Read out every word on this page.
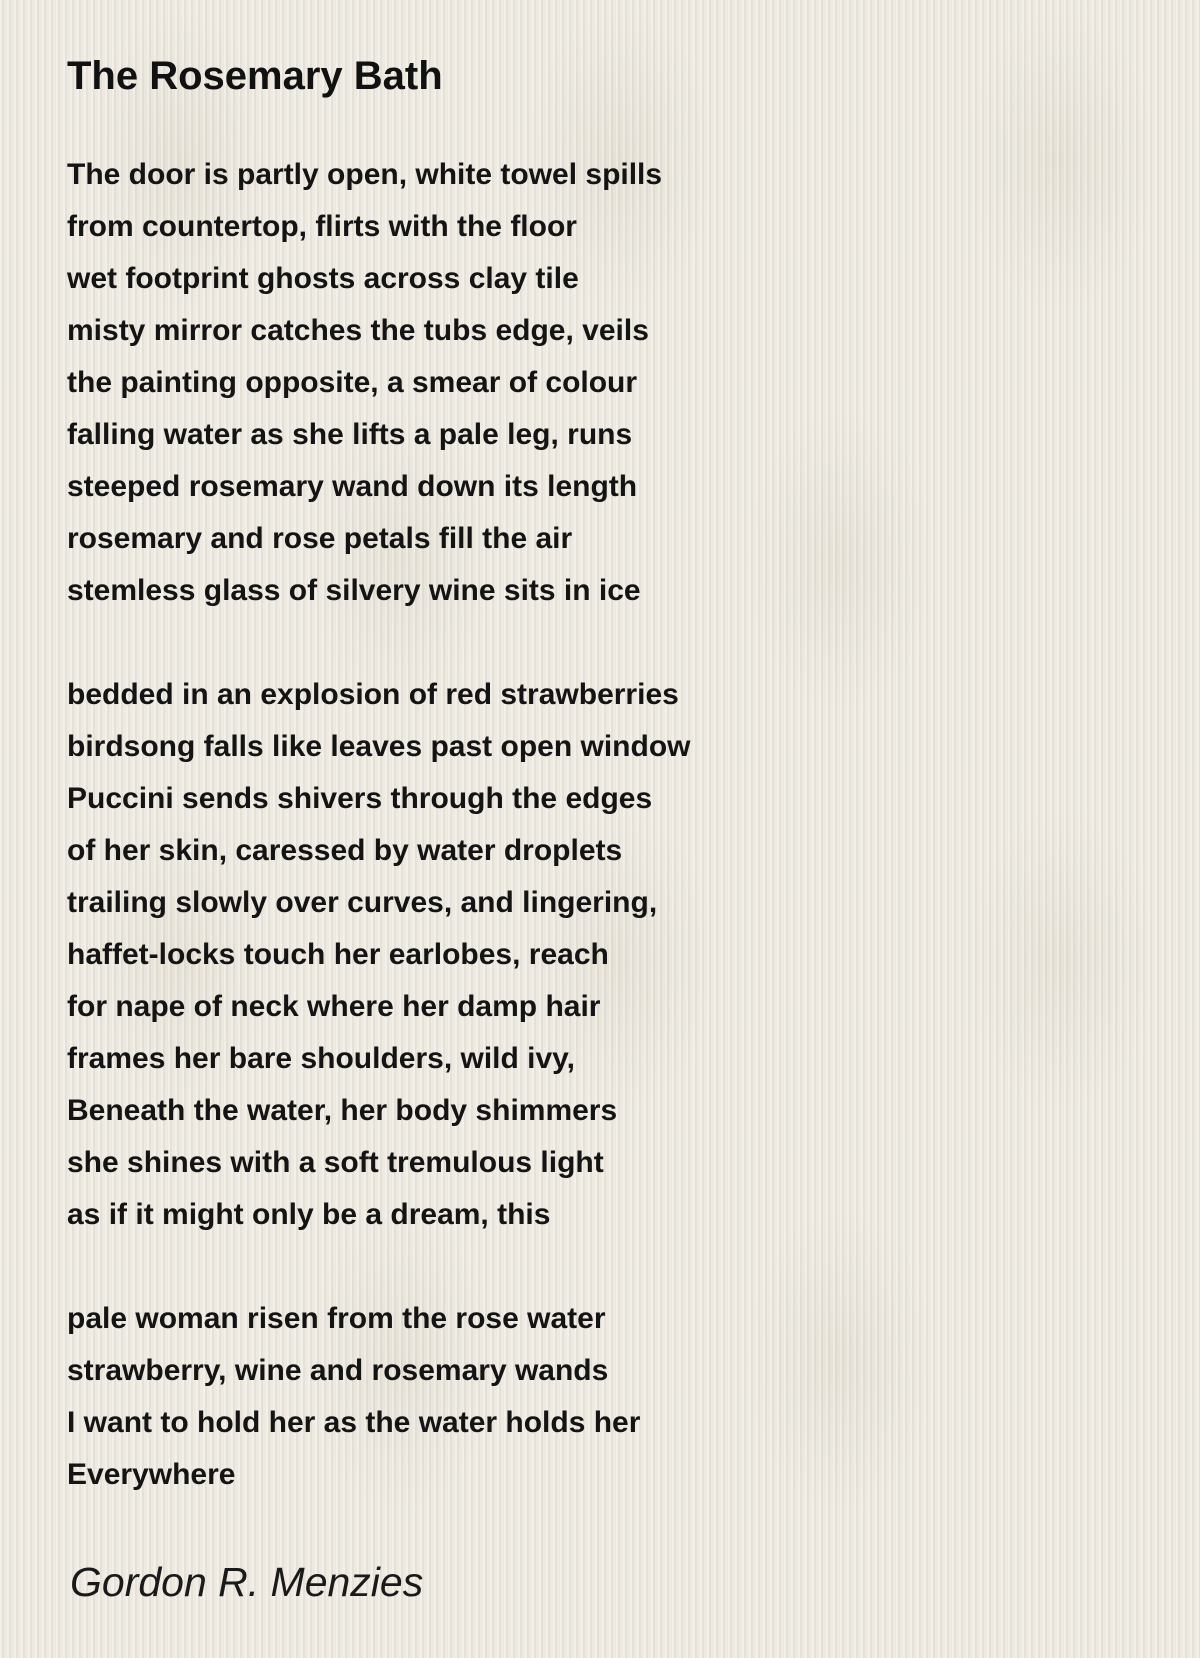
The Rosemary Bath
The door is partly open, white towel spills
from countertop, flirts with the floor
wet footprint ghosts across clay tile
misty mirror catches the tubs edge, veils
the painting opposite, a smear of colour
falling water as she lifts a pale leg, runs
steeped rosemary wand down its length
rosemary and rose petals fill the air
stemless glass of silvery wine sits in ice
bedded in an explosion of red strawberries
birdsong falls like leaves past open window
Puccini sends shivers through the edges
of her skin, caressed by water droplets
trailing slowly over curves, and lingering,
haffet-locks touch her earlobes, reach
for nape of neck where her damp hair
frames her bare shoulders, wild ivy,
Beneath the water, her body shimmers
she shines with a soft tremulous light
as if it might only be a dream, this
pale woman risen from the rose water
strawberry, wine and rosemary wands
I want to hold her as the water holds her
Everywhere

Gordon R. Menzies
